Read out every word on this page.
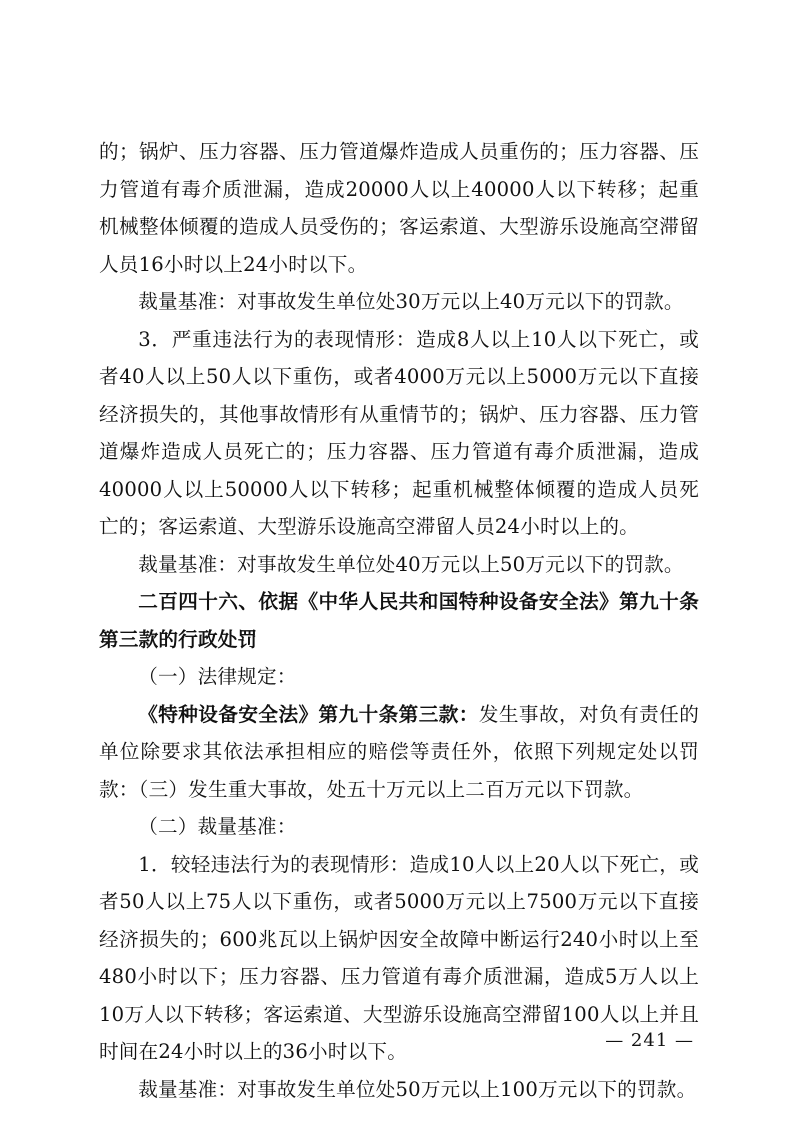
的；锅炉、压力容器、压力管道爆炸造成人员重伤的；压力容器、压力管道有毒介质泄漏，造成20000人以上40000人以下转移；起重机械整体倾覆的造成人员受伤的；客运索道、大型游乐设施高空滞留人员16小时以上24小时以下。

裁量基准：对事故发生单位处30万元以上40万元以下的罚款。

3．严重违法行为的表现情形：造成8人以上10人以下死亡，或者40人以上50人以下重伤，或者4000万元以上5000万元以下直接经济损失的，其他事故情形有从重情节的；锅炉、压力容器、压力管道爆炸造成人员死亡的；压力容器、压力管道有毒介质泄漏，造成40000人以上50000人以下转移；起重机械整体倾覆的造成人员死亡的；客运索道、大型游乐设施高空滞留人员24小时以上的。

裁量基准：对事故发生单位处40万元以上50万元以下的罚款。

二百四十六、依据《中华人民共和国特种设备安全法》第九十条第三款的行政处罚

（一）法律规定：

《特种设备安全法》第九十条第三款：发生事故，对负有责任的单位除要求其依法承担相应的赔偿等责任外，依照下列规定处以罚款：（三）发生重大事故，处五十万元以上二百万元以下罚款。

（二）裁量基准：

1．较轻违法行为的表现情形：造成10人以上20人以下死亡，或者50人以上75人以下重伤，或者5000万元以上7500万元以下直接经济损失的；600兆瓦以上锅炉因安全故障中断运行240小时以上至480小时以下；压力容器、压力管道有毒介质泄漏，造成5万人以上10万人以下转移；客运索道、大型游乐设施高空滞留100人以上并且时间在24小时以上的36小时以下。

裁量基准：对事故发生单位处50万元以上100万元以下的罚款。

— 241 —
